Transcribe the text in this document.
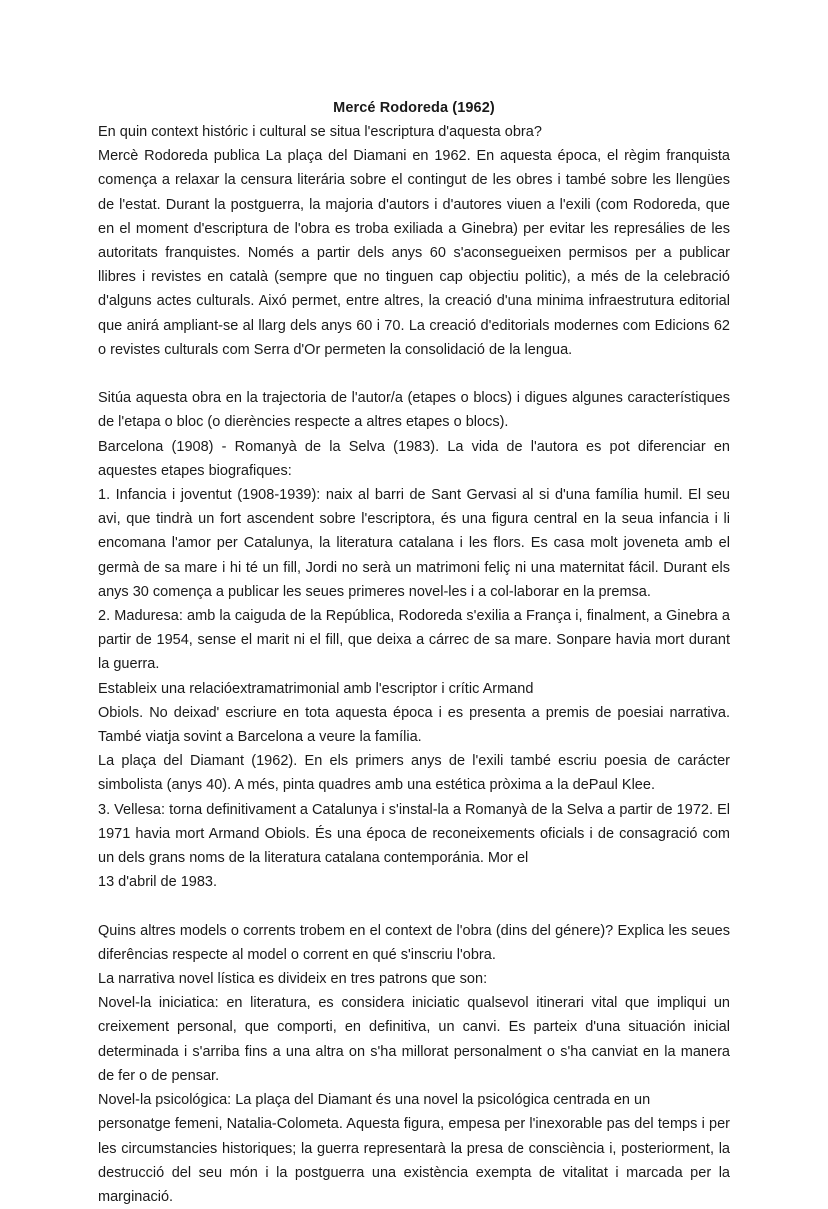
Mercé Rodoreda (1962)

En quin context históric i cultural se situa l'escriptura d'aquesta obra?

Mercè Rodoreda publica La plaça del Diamani en 1962. En aquesta época, el règim franquista comença a relaxar la censura literária sobre el contingut de les obres i també sobre les llengües de l'estat. Durant la postguerra, la majoria d'autors i d'autores viuen a l'exili (com Rodoreda, que en el moment d'escriptura de l'obra es troba exiliada a Ginebra) per evitar les represálies de les autoritats franquistes. Només a partir dels anys 60 s'aconsegueixen permisos per a publicar llibres i revistes en català (sempre que no tinguen cap objectiu politic), a més de la celebració d'alguns actes culturals. Aixó permet, entre altres, la creació d'una minima infraestrutura editorial que anirá ampliant-se al llarg dels anys 60 i 70. La creació d'editorials modernes com Edicions 62 o revistes culturals com Serra d'Or permeten la consolidació de la lengua.

Sitúa aquesta obra en la trajectoria de l'autor/a (etapes o blocs) i digues algunes característiques de l'etapa o bloc (o dierències respecte a altres etapes o blocs).

Barcelona (1908) - Romanyà de la Selva (1983). La vida de l'autora es pot diferenciar en aquestes etapes biografiques:

1. Infancia i joventut (1908-1939): naix al barri de Sant Gervasi al si d'una família humil. El seu avi, que tindrà un fort ascendent sobre l'escriptora, és una figura central en la seua infancia i li encomana l'amor per Catalunya, la literatura catalana i les flors. Es casa molt joveneta amb el germà de sa mare i hi té un fill, Jordi no serà un matrimoni feliç ni una maternitat fácil. Durant els anys 30 comença a publicar les seues primeres novel-les i a col-laborar en la premsa.

2. Maduresa: amb la caiguda de la República, Rodoreda s'exilia a França i, finalment, a Ginebra a partir de 1954, sense el marit ni el fill, que deixa a cárrec de sa mare. Sonpare havia mort durant la guerra.

Estableix una relacióextramatrimonial amb l'escriptor i crític Armand

Obiols. No deixad' escriure en tota aquesta época i es presenta a premis de poesiai narrativa. També viatja sovint a Barcelona a veure la família.

La plaça del Diamant (1962). En els primers anys de l'exili també escriu poesia de carácter simbolista (anys 40). A més, pinta quadres amb una estética pròxima a la dePaul Klee.

3. Vellesa: torna definitivament a Catalunya i s'instal-la a Romanyà de la Selva a partir de 1972. El 1971 havia mort Armand Obiols. És una época de reconeixements oficials i de consagració com un dels grans noms de la literatura catalana contemporánia. Mor el

13 d'abril de 1983.

Quins altres models o corrents trobem en el context de l'obra (dins del génere)? Explica les seues diferências respecte al model o corrent en qué s'inscriu l'obra.

La narrativa novel lística es divideix en tres patrons que son:

Novel-la iniciatica: en literatura, es considera iniciatic qualsevol itinerari vital que impliqui un creixement personal, que comporti, en definitiva, un canvi. Es parteix d'una situación inicial determinada i s'arriba fins a una altra on s'ha millorat personalment o s'ha canviat en la manera de fer o de pensar.

Novel-la psicológica: La plaça del Diamant és una novel la psicológica centrada en un

personatge femeni, Natalia-Colometa. Aquesta figura, empesa per l'inexorable pas del temps i per les circumstancies historiques; la guerra representarà la presa de consciència i, posteriorment, la destrucció del seu món i la postguerra una existència exempta de vitalitat i marcada per la marginació.
